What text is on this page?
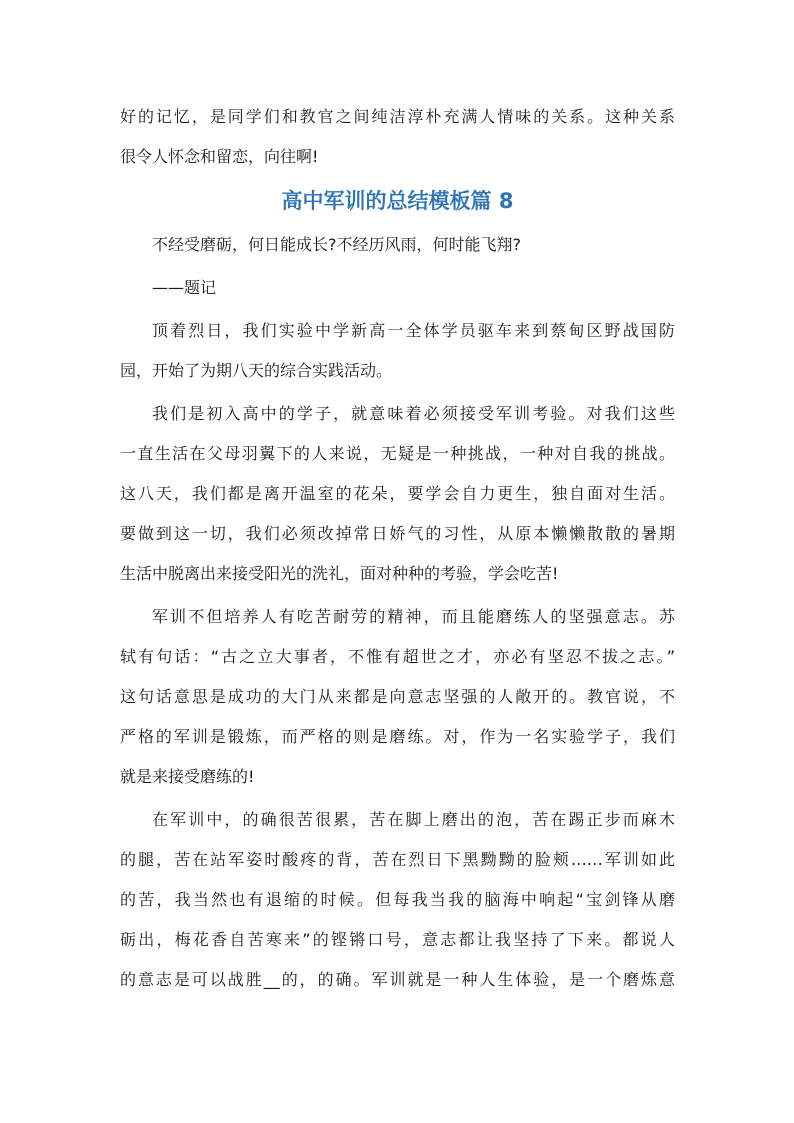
好的记忆，是同学们和教官之间纯洁淳朴充满人情味的关系。这种关系
很令人怀念和留恋，向往啊!
高中军训的总结模板篇 8
不经受磨砺，何日能成长?不经历风雨，何时能飞翔?
——题记
顶着烈日，我们实验中学新高一全体学员驱车来到蔡甸区野战国防
园，开始了为期八天的综合实践活动。
我们是初入高中的学子，就意味着必须接受军训考验。对我们这些
一直生活在父母羽翼下的人来说，无疑是一种挑战，一种对自我的挑战。
这八天，我们都是离开温室的花朵，要学会自力更生，独自面对生活。
要做到这一切，我们必须改掉常日娇气的习性，从原本懒懒散散的暑期
生活中脱离出来接受阳光的洗礼，面对种种的考验，学会吃苦!
军训不但培养人有吃苦耐劳的精神，而且能磨练人的坚强意志。苏
轼有句话：“古之立大事者，不惟有超世之才，亦必有坚忍不拔之志。”
这句话意思是成功的大门从来都是向意志坚强的人敞开的。教官说，不
严格的军训是锻炼，而严格的则是磨练。对，作为一名实验学子，我们
就是来接受磨练的!
在军训中，的确很苦很累，苦在脚上磨出的泡，苦在踢正步而麻木
的腿，苦在站军姿时酸疼的背，苦在烈日下黑黝黝的脸颊……军训如此
的苦，我当然也有退缩的时候。但每我当我的脑海中响起“宝剑锋从磨
砺出，梅花香自苦寒来”的铿锵口号，意志都让我坚持了下来。都说人
的意志是可以战胜__的，的确。军训就是一种人生体验，是一个磨炼意
